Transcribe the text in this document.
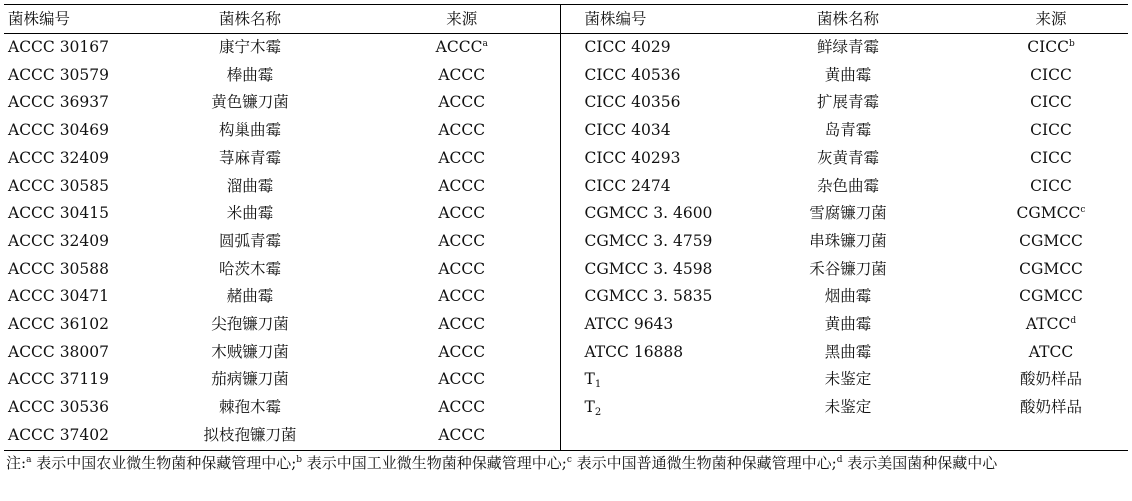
菌株编号	菌株名称	来源	菌株编号	菌株名称	来源
ACCC 30167	康宁木霉	ACCC$^a$	CICC 4029	鲜绿青霉	CICC$^b$
ACCC 30579	棒曲霉	ACCC	CICC 40536	黄曲霉	CICC
ACCC 36937	黄色镰刀菌	ACCC	CICC 40356	扩展青霉	CICC
ACCC 30469	构巢曲霉	ACCC	CICC 4034	岛青霉	CICC
ACCC 32409	荨麻青霉	ACCC	CICC 40293	灰黄青霉	CICC
ACCC 30585	溜曲霉	ACCC	CICC 2474	杂色曲霉	CICC
ACCC 30415	米曲霉	ACCC	CGMCC 3. 4600	雪腐镰刀菌	CGMCC$^c$
ACCC 32409	圆弧青霉	ACCC	CGMCC 3. 4759	串珠镰刀菌	CGMCC
ACCC 30588	哈茨木霉	ACCC	CGMCC 3. 4598	禾谷镰刀菌	CGMCC
ACCC 30471	赭曲霉	ACCC	CGMCC 3. 5835	烟曲霉	CGMCC
ACCC 36102	尖孢镰刀菌	ACCC	ATCC 9643	黄曲霉	ATCC$^d$
ACCC 38007	木贼镰刀菌	ACCC	ATCC 16888	黑曲霉	ATCC
ACCC 37119	茄病镰刀菌	ACCC	$T_1$	未鉴定	酸奶样品
ACCC 30536	棘孢木霉	ACCC	$T_2$	未鉴定	酸奶样品
ACCC 37402	拟枝孢镰刀菌	ACCC			
注:$^a$ 表示中国农业微生物菌种保藏管理中心;$^b$ 表示中国工业微生物菌种保藏管理中心;$^c$ 表示中国普通微生物菌种保藏管理中心;$^d$ 表示美国菌种保藏中心
